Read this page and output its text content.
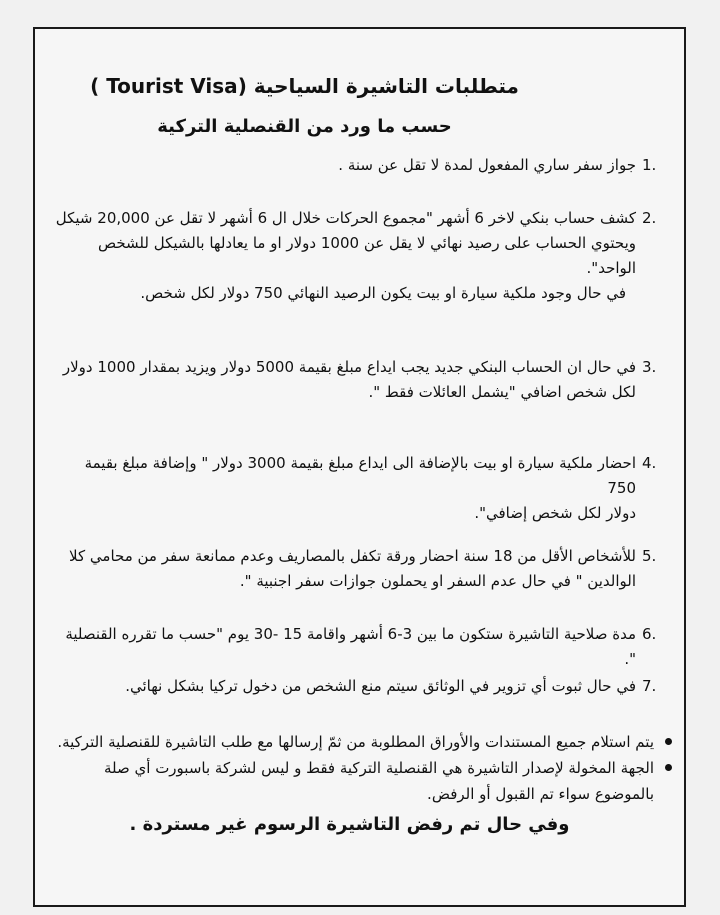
متطلبات التاشيرة السياحية (Tourist Visa )
حسب ما ورد من القنصلية التركية
1.

جواز سفر ساري المفعول لمدة لا تقل عن سنة .

2.

كشف حساب بنكي لاخر 6 أشهر "مجموع الحركات خلال ال 6 أشهر لا تقل عن 20,000 شيكل

ويحتوي الحساب على رصيد نهائي لا يقل عن 1000 دولار او ما يعادلها بالشيكل للشخص

الواحد".

في حال وجود ملكية سيارة او بيت يكون الرصيد النهائي 750 دولار لكل شخص.

3.

في حال ان الحساب البنكي جديد يجب ايداع مبلغ بقيمة 5000 دولار ويزيد بمقدار 1000 دولار

لكل شخص اضافي "يشمل العائلات فقط ".

4.

احضار ملكية سيارة او بيت بالإضافة الى ايداع مبلغ بقيمة 3000 دولار " وإضافة مبلغ بقيمة 750

دولار لكل شخص إضافي".

5.

للأشخاص الأقل من 18 سنة احضار ورقة تكفل بالمصاريف وعدم ممانعة سفر من محامي كلا

الوالدين " في حال عدم السفر او يحملون جوازات سفر اجنبية ".

6.

مدة صلاحية التاشيرة ستكون ما بين 3-6 أشهر واقامة 15 -30 يوم "حسب ما تقرره القنصلية ".

7.

في حال ثبوت أي تزوير في الوثائق سيتم منع الشخص من دخول تركيا بشكل نهائي.

يتم استلام جميع المستندات والأوراق المطلوبة من ثمّ إرسالها مع طلب التاشيرة للقنصلية التركية.

الجهة المخولة لإصدار التاشيرة هي القنصلية التركية فقط و ليس لشركة باسبورت أي صلة

بالموضوع سواء تم القبول أو الرفض.

وفي حال تم رفض التاشيرة الرسوم غير مستردة .
